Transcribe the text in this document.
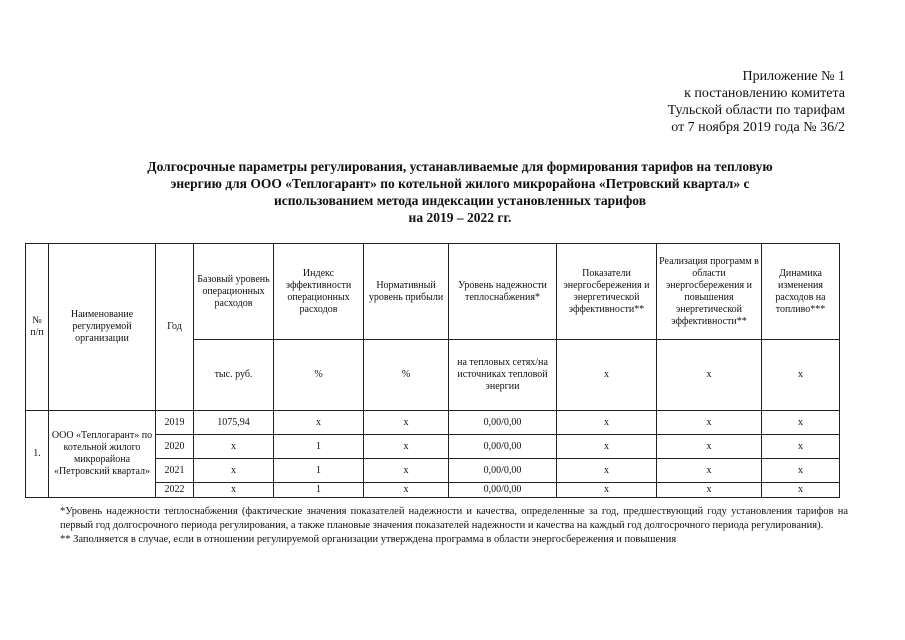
Приложение № 1
к постановлению комитета
Тульской области по тарифам
от 7 ноября 2019 года № 36/2
Долгосрочные параметры регулирования, устанавливаемые для формирования тарифов на тепловую
энергию для ООО «Теплогарант» по котельной жилого микрорайона «Петровский квартал» с
использованием метода индексации установленных тарифов
на 2019 – 2022 гг.
№ п/п	Наименование регулируемой организации	Год	Базовый уровень операционных расходов	Индекс эффективности операционных расходов	Нормативный уровень прибыли	Уровень надежности теплоснабжения*	Показатели энергосбережения и энергетической эффективности**	Реализация программ в области энергосбережения и повышения энергетической эффективности**	Динамика изменения расходов на топливо***
			тыс. руб.	%	%	на тепловых сетях/на источниках тепловой энергии	х	х	х
1.	ООО «Теплогарант» по котельной жилого микрорайона «Петровский квартал»	2019	1075,94	х	х	0,00/0,00	х	х	х
		2020	х	1	х	0,00/0,00	х	х	х
		2021	х	1	х	0,00/0,00	х	х	х
		2022	х	1	х	0,00/0,00	х	х	х

*Уровень надежности теплоснабжения (фактические значения показателей надежности и качества, определенные за год, предшествующий году установления тарифов на первый год долгосрочного периода регулирования, а также плановые значения показателей надежности и качества на каждый год долгосрочного периода регулирования).

** Заполняется в случае, если в отношении регулируемой организации утверждена программа в области энергосбережения и повышения
